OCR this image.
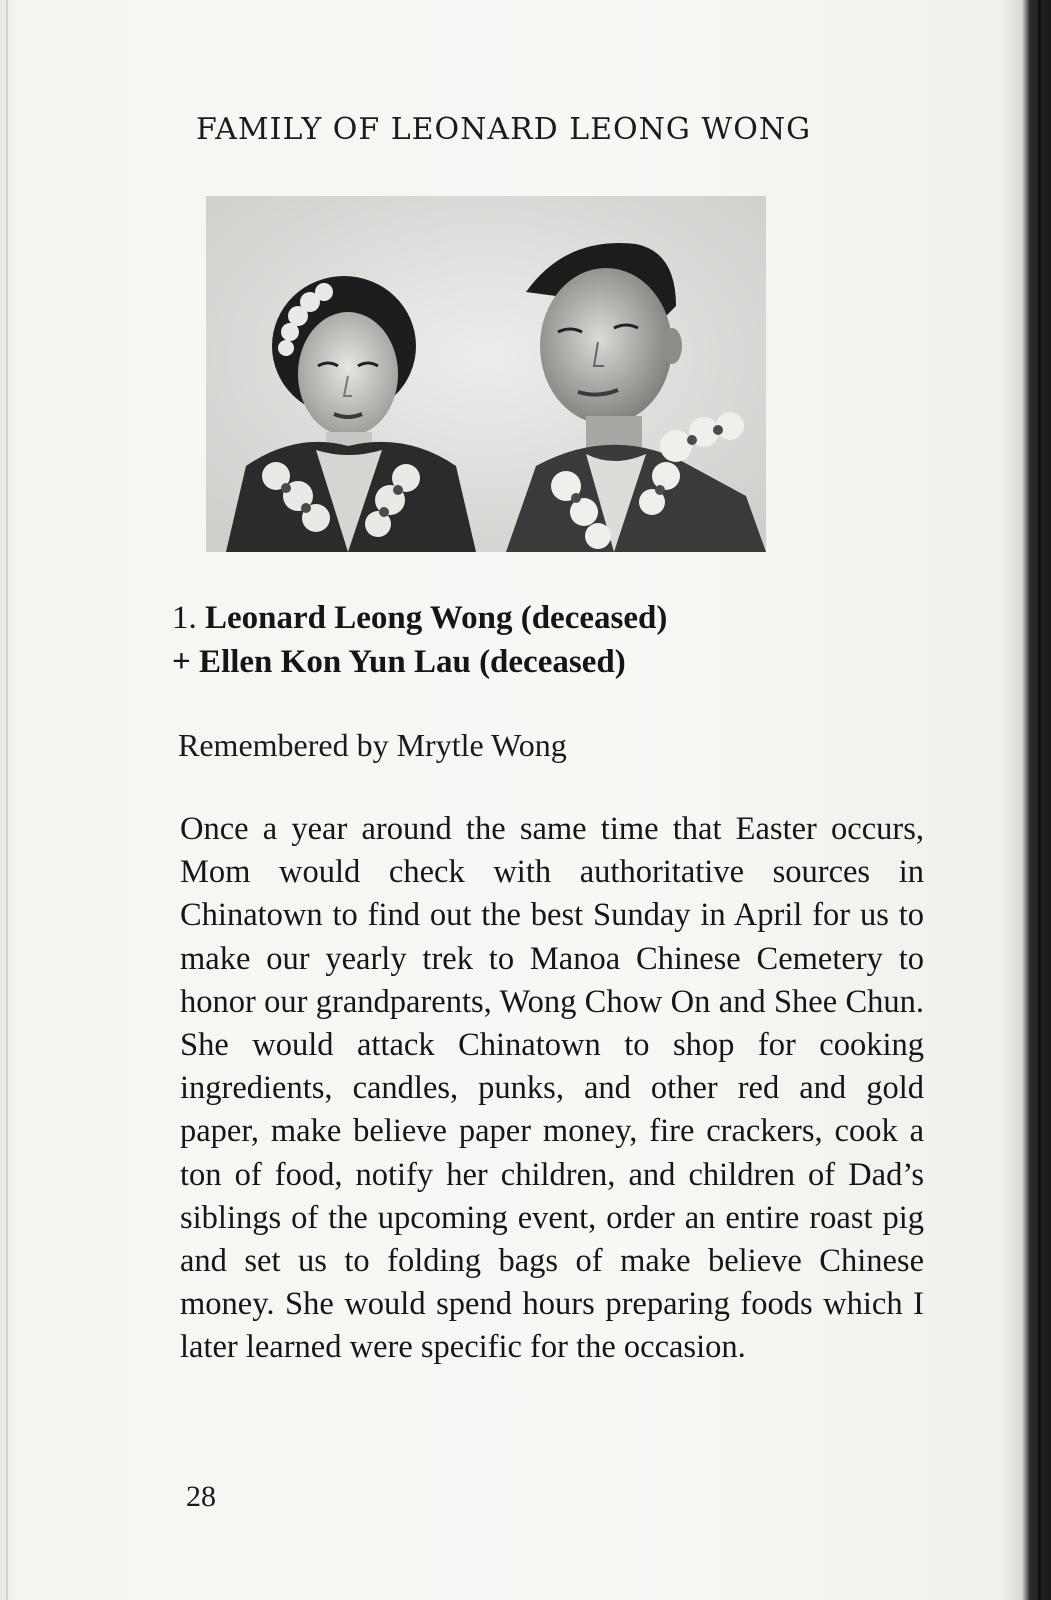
FAMILY OF LEONARD LEONG WONG
1. Leonard Leong Wong (deceased)
+ Ellen Kon Yun Lau (deceased)
Remembered by Mrytle Wong
Once a year around the same time that Easter occurs, Mom would check with authoritative sources in Chinatown to find out the best Sunday in April for us to make our yearly trek to Manoa Chinese Cemetery to honor our grandparents, Wong Chow On and Shee Chun. She would attack Chinatown to shop for cooking ingredients, candles, punks, and other red and gold paper, make believe paper money, fire crackers, cook a ton of food, notify her children, and children of Dad’s siblings of the upcoming event, order an entire roast pig and set us to folding bags of make believe Chinese money. She would spend hours preparing foods which I later learned were specific for the occasion.
28
